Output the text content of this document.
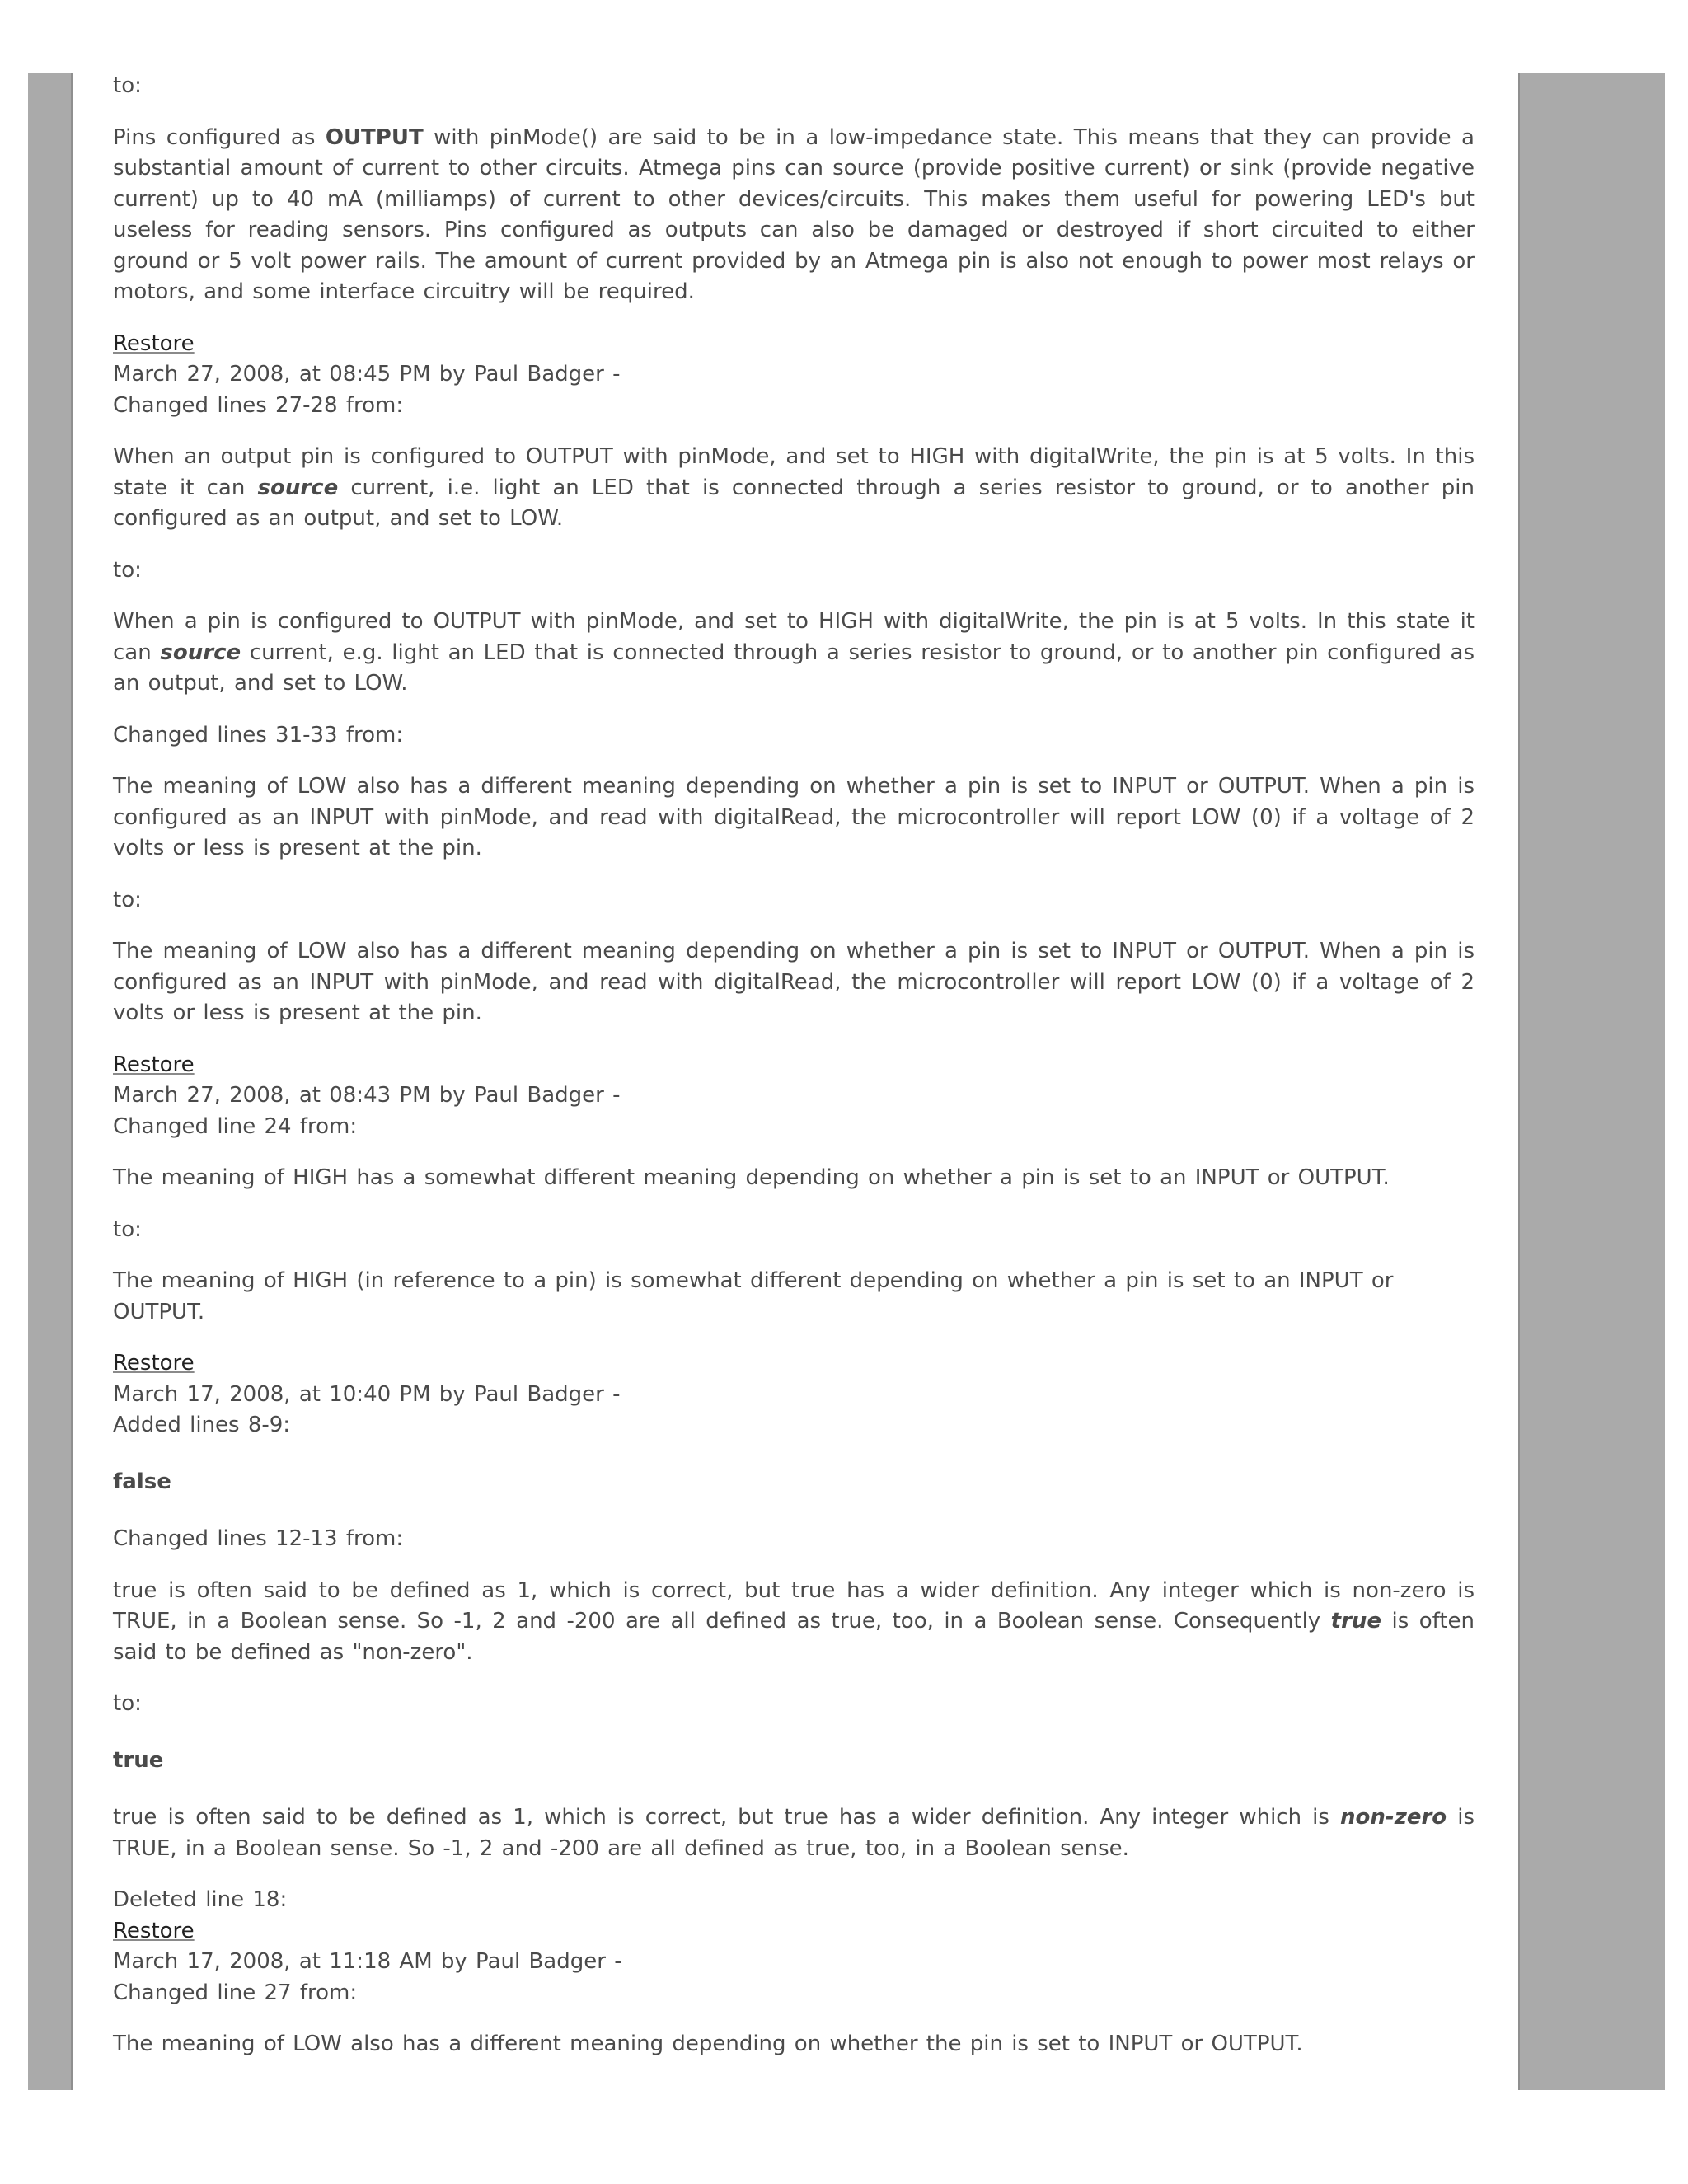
to:

Pins configured as OUTPUT with pinMode() are said to be in a low-impedance state. This means that they can provide a substantial amount of current to other circuits. Atmega pins can source (provide positive current) or sink (provide negative current) up to 40 mA (milliamps) of current to other devices/circuits. This makes them useful for powering LED's but useless for reading sensors. Pins configured as outputs can also be damaged or destroyed if short circuited to either ground or 5 volt power rails. The amount of current provided by an Atmega pin is also not enough to power most relays or motors, and some interface circuitry will be required.

Restore
March 27, 2008, at 08:45 PM by Paul Badger -
Changed lines 27-28 from:

When an output pin is configured to OUTPUT with pinMode, and set to HIGH with digitalWrite, the pin is at 5 volts. In this state it can source current, i.e. light an LED that is connected through a series resistor to ground, or to another pin configured as an output, and set to LOW.

to:

When a pin is configured to OUTPUT with pinMode, and set to HIGH with digitalWrite, the pin is at 5 volts. In this state it can source current, e.g. light an LED that is connected through a series resistor to ground, or to another pin configured as an output, and set to LOW.

Changed lines 31-33 from:

The meaning of LOW also has a different meaning depending on whether a pin is set to INPUT or OUTPUT. When a pin is configured as an INPUT with pinMode, and read with digitalRead, the microcontroller will report LOW (0) if a voltage of 2 volts or less is present at the pin.

to:

The meaning of LOW also has a different meaning depending on whether a pin is set to INPUT or OUTPUT. When a pin is configured as an INPUT with pinMode, and read with digitalRead, the microcontroller will report LOW (0) if a voltage of 2 volts or less is present at the pin.

Restore
March 27, 2008, at 08:43 PM by Paul Badger -
Changed line 24 from:

The meaning of HIGH has a somewhat different meaning depending on whether a pin is set to an INPUT or OUTPUT.

to:

The meaning of HIGH (in reference to a pin) is somewhat different depending on whether a pin is set to an INPUT or OUTPUT.

Restore
March 17, 2008, at 10:40 PM by Paul Badger -
Added lines 8-9:
false

Changed lines 12-13 from:

true is often said to be defined as 1, which is correct, but true has a wider definition. Any integer which is non-zero is TRUE, in a Boolean sense. So -1, 2 and -200 are all defined as true, too, in a Boolean sense. Consequently true is often said to be defined as "non-zero".

to:

true

true is often said to be defined as 1, which is correct, but true has a wider definition. Any integer which is non-zero is TRUE, in a Boolean sense. So -1, 2 and -200 are all defined as true, too, in a Boolean sense.

Deleted line 18:
Restore
March 17, 2008, at 11:18 AM by Paul Badger -
Changed line 27 from:

The meaning of LOW also has a different meaning depending on whether the pin is set to INPUT or OUTPUT.
